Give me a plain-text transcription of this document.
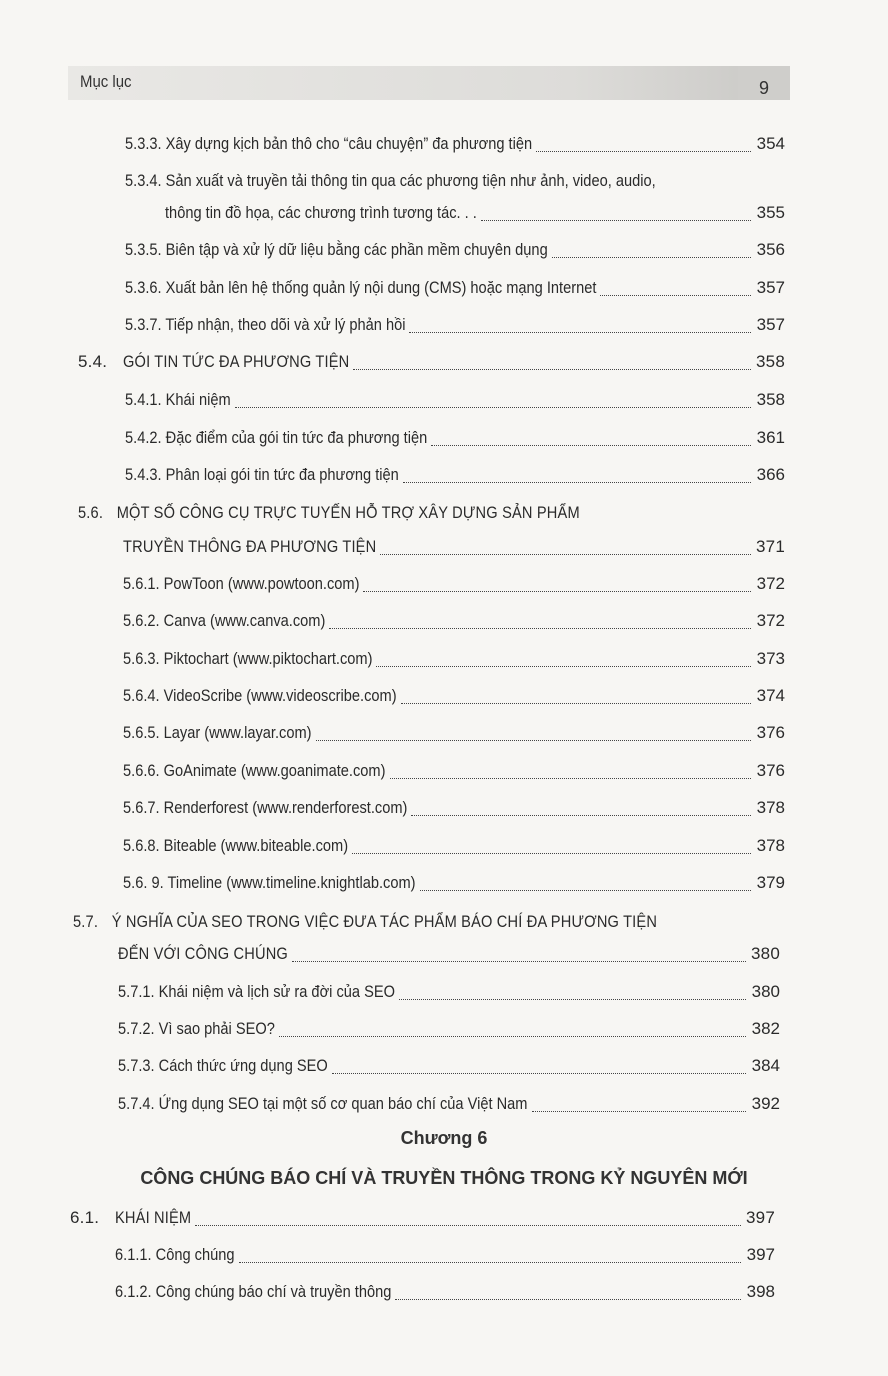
Mục lục	9
5.3.3. Xây dựng kịch bản thô cho “câu chuyện” đa phương tiện	354
5.3.4. Sản xuất và truyền tải thông tin qua các phương tiện như ảnh, video, audio,
thông tin đồ họa, các chương trình tương tác. . .	355
5.3.5. Biên tập và xử lý dữ liệu bằng các phần mềm chuyên dụng	356
5.3.6. Xuất bản lên hệ thống quản lý nội dung (CMS) hoặc mạng Internet	357
5.3.7. Tiếp nhận, theo dõi và xử lý phản hồi	357
5.4. GÓI TIN TỨC ĐA PHƯƠNG TIỆN	358
5.4.1. Khái niệm	358
5.4.2. Đặc điểm của gói tin tức đa phương tiện	361
5.4.3. Phân loại gói tin tức đa phương tiện	366
5.6. MỘT SỐ CÔNG CỤ TRỰC TUYẾN HỖ TRỢ XÂY DỰNG SẢN PHẨM
TRUYỀN THÔNG ĐA PHƯƠNG TIỆN	371
5.6.1. PowToon (www.powtoon.com)	372
5.6.2. Canva (www.canva.com)	372
5.6.3. Piktochart (www.piktochart.com)	373
5.6.4. VideoScribe (www.videoscribe.com)	374
5.6.5. Layar (www.layar.com)	376
5.6.6. GoAnimate (www.goanimate.com)	376
5.6.7. Renderforest (www.renderforest.com)	378
5.6.8. Biteable (www.biteable.com)	378
5.6. 9. Timeline (www.timeline.knightlab.com)	379
5.7. Ý NGHĨA CỦA SEO TRONG VIỆC ĐƯA TÁC PHẨM BÁO CHÍ ĐA PHƯƠNG TIỆN
ĐẾN VỚI CÔNG CHÚNG	380
5.7.1. Khái niệm và lịch sử ra đời của SEO	380
5.7.2. Vì sao phải SEO?	382
5.7.3. Cách thức ứng dụng SEO	384
5.7.4. Ứng dụng SEO tại một số cơ quan báo chí của Việt Nam	392
Chương 6
CÔNG CHÚNG BÁO CHÍ VÀ TRUYỀN THÔNG TRONG KỶ NGUYÊN MỚI
6.1. KHÁI NIỆM	397
6.1.1. Công chúng	397
6.1.2. Công chúng báo chí và truyền thông	398
